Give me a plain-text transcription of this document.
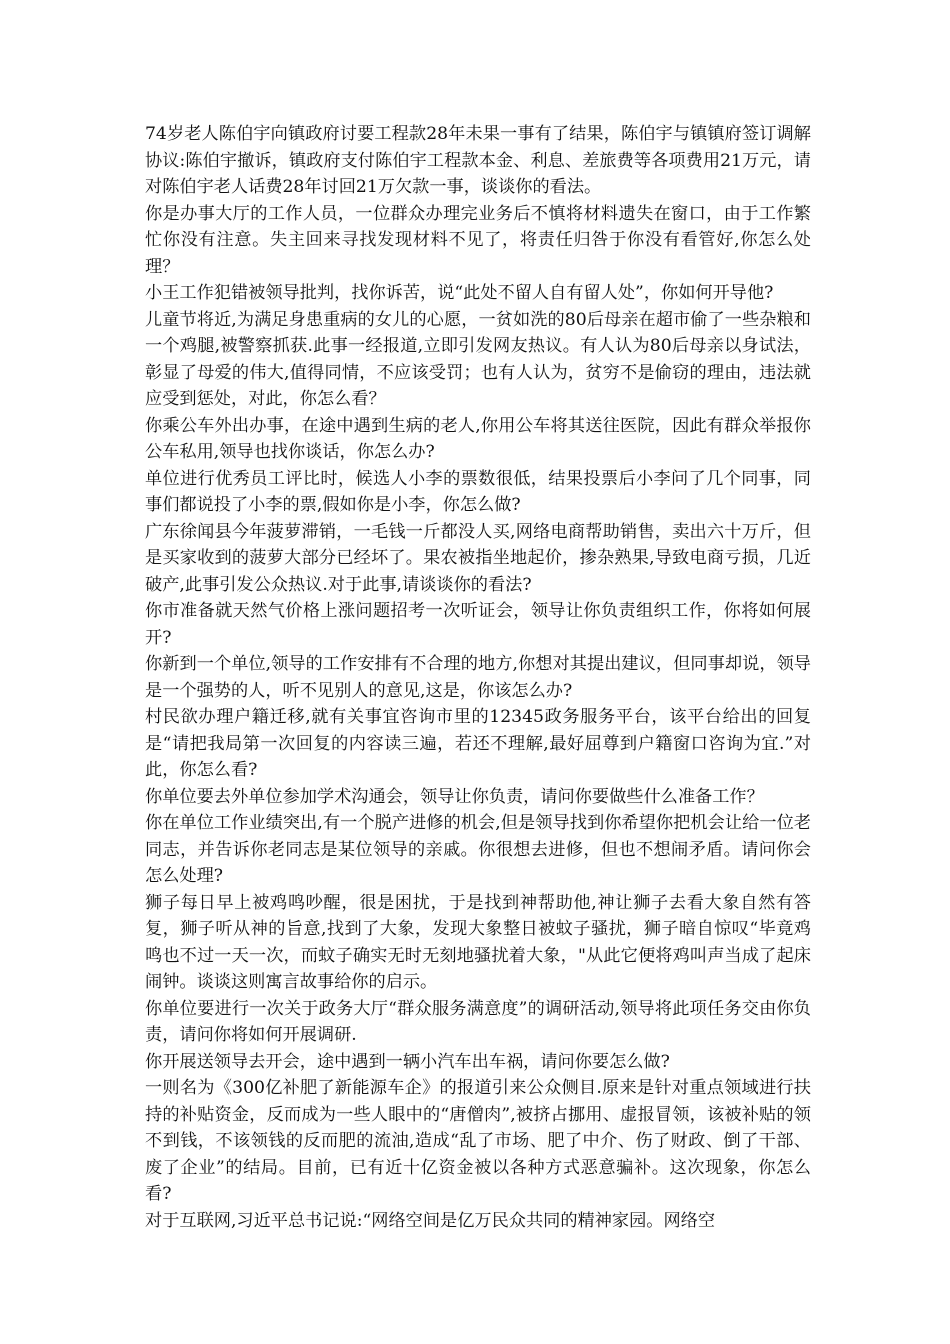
74岁老人陈伯宇向镇政府讨要工程款28年未果一事有了结果，陈伯宇与镇镇府签订调解协议:陈伯宇撤诉，镇政府支付陈伯宇工程款本金、利息、差旅费等各项费用21万元，请对陈伯宇老人话费28年讨回21万欠款一事，谈谈你的看法。

你是办事大厅的工作人员，一位群众办理完业务后不慎将材料遗失在窗口，由于工作繁忙你没有注意。失主回来寻找发现材料不见了，将责任归咎于你没有看管好,你怎么处理？

小王工作犯错被领导批判，找你诉苦，说“此处不留人自有留人处”，你如何开导他?

儿童节将近,为满足身患重病的女儿的心愿，一贫如洗的80后母亲在超市偷了一些杂粮和一个鸡腿,被警察抓获.此事一经报道,立即引发网友热议。有人认为80后母亲以身试法，彰显了母爱的伟大,值得同情，不应该受罚；也有人认为，贫穷不是偷窃的理由，违法就应受到惩处，对此，你怎么看？

你乘公车外出办事，在途中遇到生病的老人,你用公车将其送往医院，因此有群众举报你公车私用,领导也找你谈话，你怎么办?

单位进行优秀员工评比时，候选人小李的票数很低，结果投票后小李问了几个同事，同事们都说投了小李的票,假如你是小李，你怎么做?

广东徐闻县今年菠萝滞销，一毛钱一斤都没人买,网络电商帮助销售，卖出六十万斤，但是买家收到的菠萝大部分已经坏了。果农被指坐地起价，掺杂熟果,导致电商亏损，几近破产,此事引发公众热议.对于此事,请谈谈你的看法?

你市准备就天然气价格上涨问题招考一次听证会，领导让你负责组织工作，你将如何展开?

你新到一个单位,领导的工作安排有不合理的地方,你想对其提出建议，但同事却说，领导是一个强势的人，听不见别人的意见,这是，你该怎么办?

村民欲办理户籍迁移,就有关事宜咨询市里的12345政务服务平台，该平台给出的回复是“请把我局第一次回复的内容读三遍，若还不理解,最好屈尊到户籍窗口咨询为宜.”对此，你怎么看?

你单位要去外单位参加学术沟通会，领导让你负责，请问你要做些什么准备工作？

你在单位工作业绩突出,有一个脱产进修的机会,但是领导找到你希望你把机会让给一位老同志，并告诉你老同志是某位领导的亲戚。你很想去进修，但也不想闹矛盾。请问你会怎么处理?

狮子每日早上被鸡鸣吵醒，很是困扰，于是找到神帮助他,神让狮子去看大象自然有答复，狮子听从神的旨意,找到了大象，发现大象整日被蚊子骚扰，狮子暗自惊叹“毕竟鸡鸣也不过一天一次，而蚊子确实无时无刻地骚扰着大象，"从此它便将鸡叫声当成了起床闹钟。谈谈这则寓言故事给你的启示。

你单位要进行一次关于政务大厅“群众服务满意度”的调研活动,领导将此项任务交由你负责，请问你将如何开展调研.

你开展送领导去开会，途中遇到一辆小汽车出车祸，请问你要怎么做?

一则名为《300亿补肥了新能源车企》的报道引来公众侧目.原来是针对重点领域进行扶持的补贴资金，反而成为一些人眼中的“唐僧肉”,被挤占挪用、虚报冒领，该被补贴的领不到钱，不该领钱的反而肥的流油,造成“乱了市场、肥了中介、伤了财政、倒了干部、废了企业”的结局。目前，已有近十亿资金被以各种方式恶意骗补。这次现象，你怎么看?

对于互联网,习近平总书记说:“网络空间是亿万民众共同的精神家园。网络空
